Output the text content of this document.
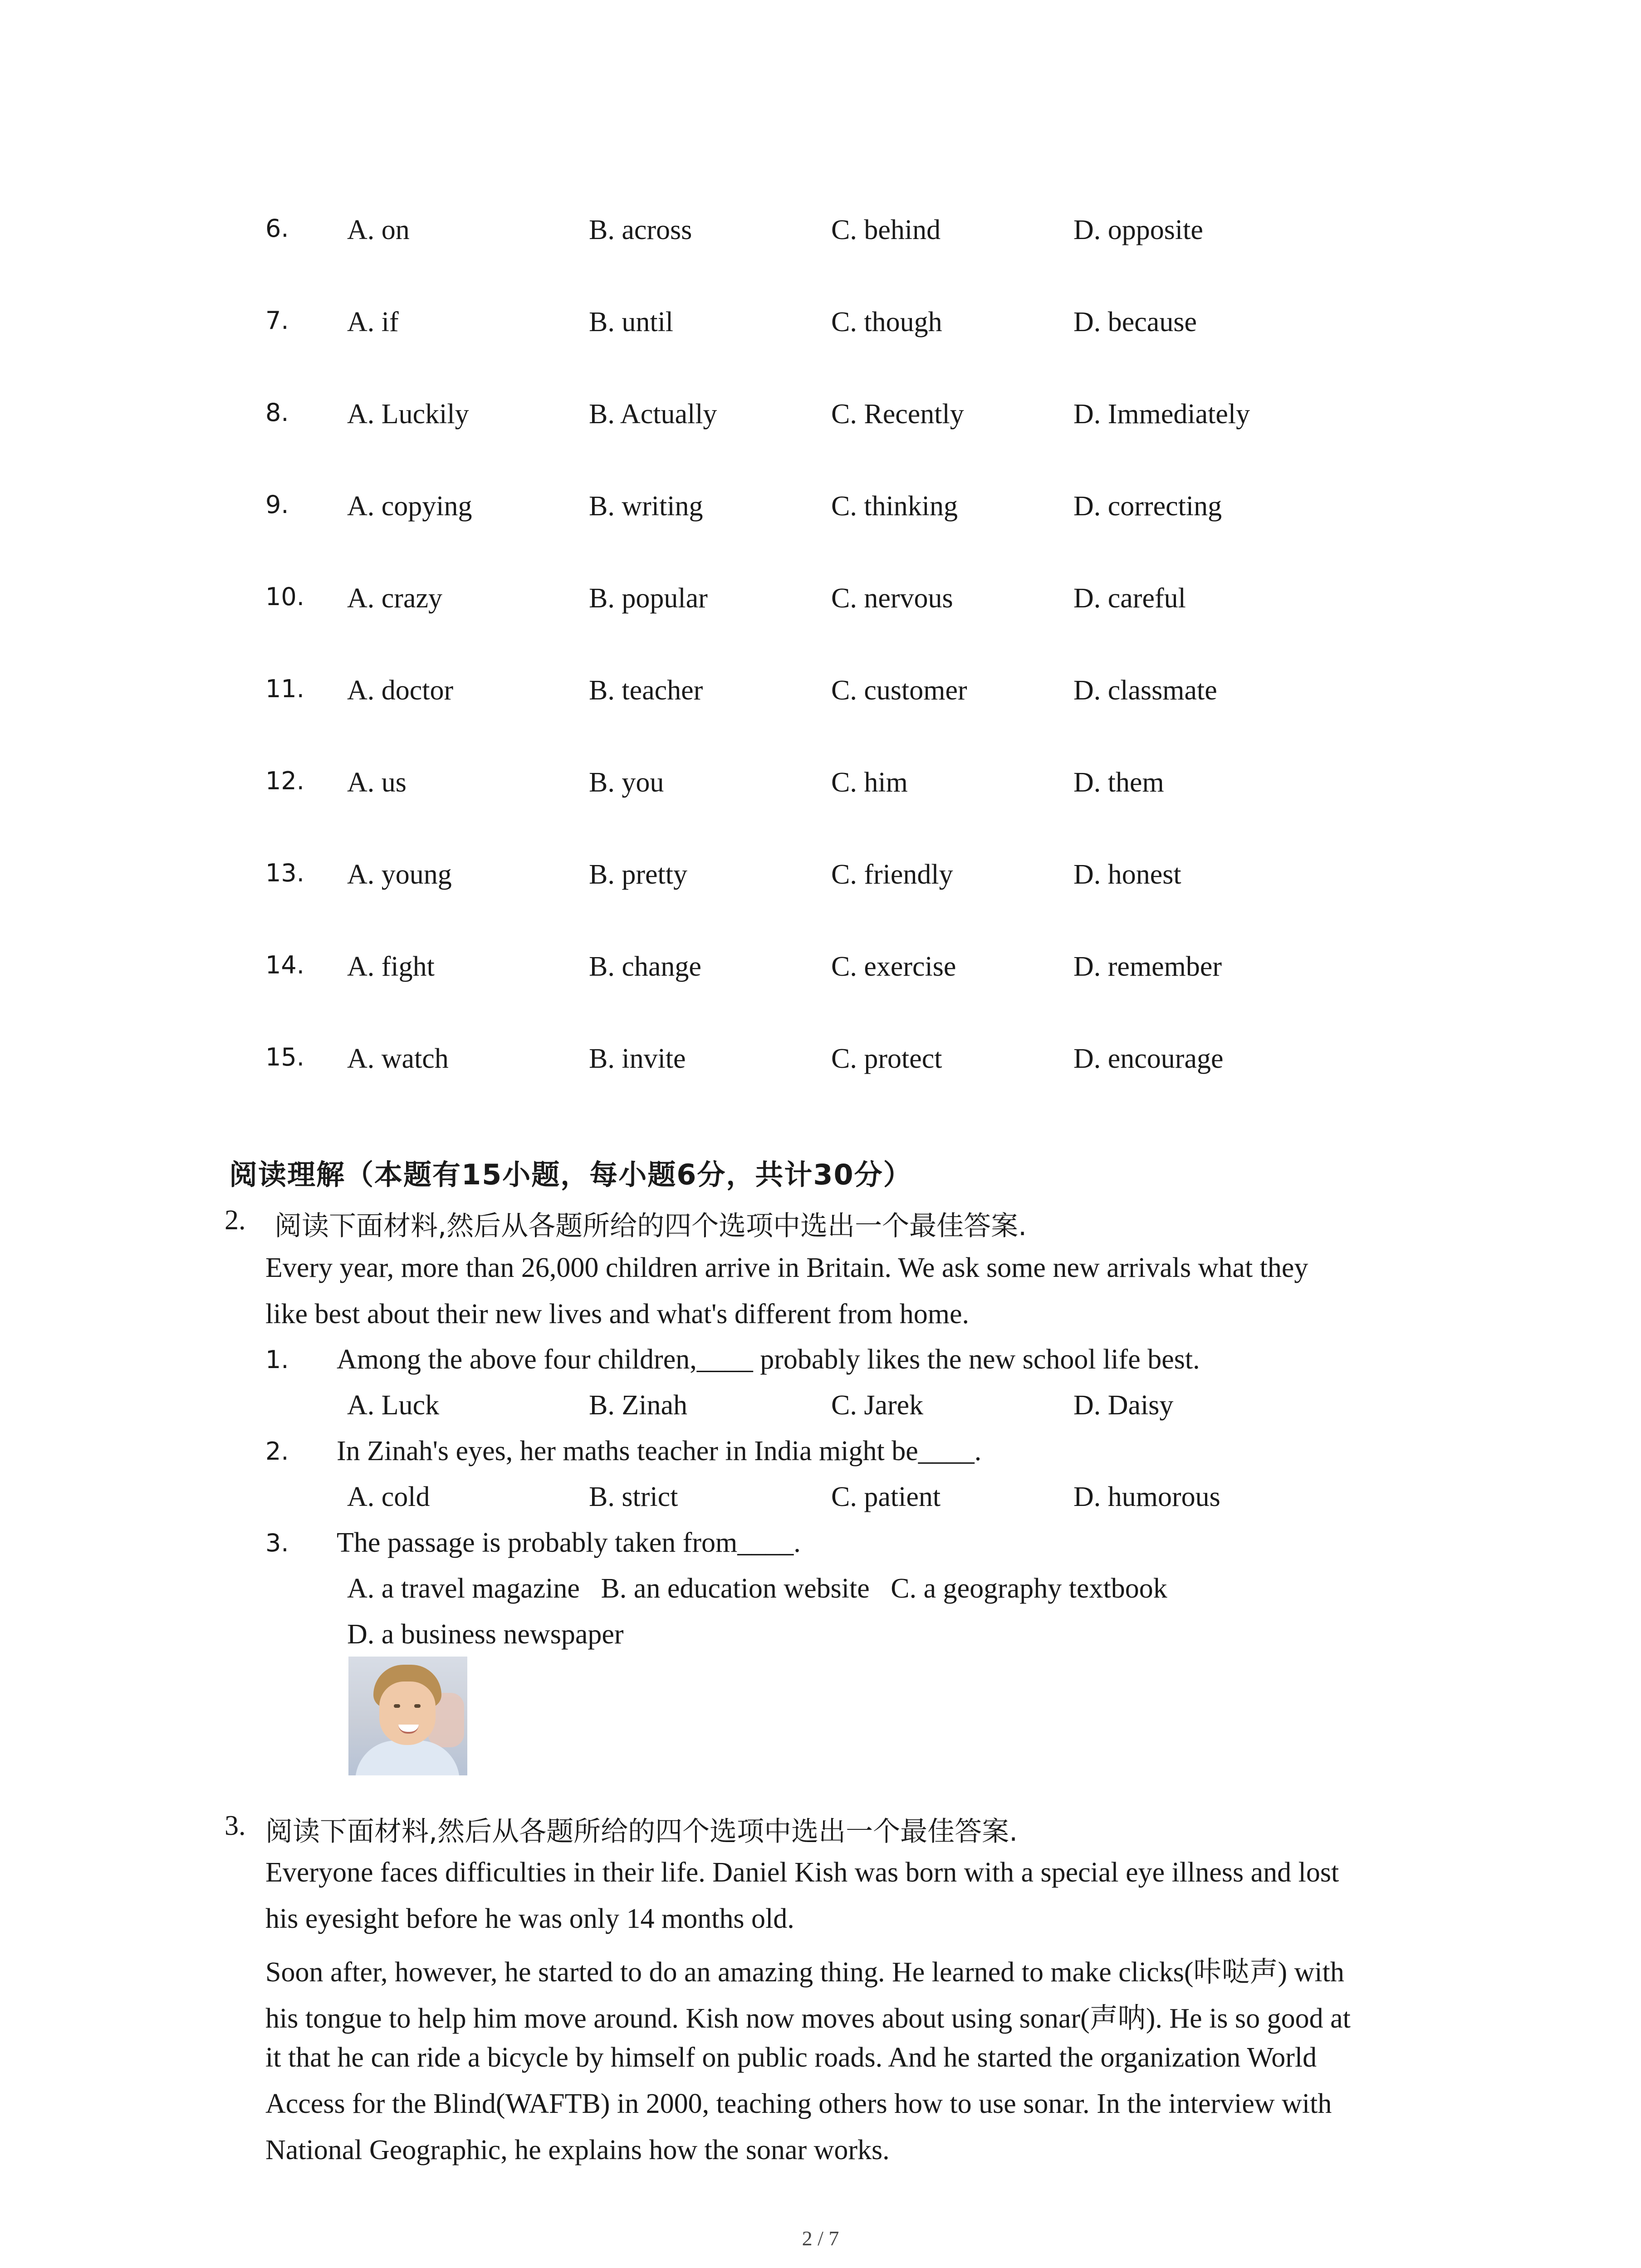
6. A. on	B. across	C. behind	D. opposite
7. A. if	B. until	C. though	D. because
8. A. Luckily	B. Actually	C. Recently	D. Immediately
9. A. copying	B. writing	C. thinking	D. correcting
10. A. crazy	B. popular	C. nervous	D. careful
11. A. doctor	B. teacher	C. customer	D. classmate
12. A. us	B. you	C. him	D. them
13. A. young	B. pretty	C. friendly	D. honest
14. A. fight	B. change	C. exercise	D. remember
15. A. watch	B. invite	C. protect	D. encourage
阅读理解（本题有15小题，每小题6分，共计30分）
2. 阅读下面材料,然后从各题所给的四个选项中选出一个最佳答案.
Every year, more than 26,000 children arrive in Britain. We ask some new arrivals what they
like best about their new lives and what's different from home.
1. Among the above four children,____ probably likes the new school life best.
A. Luck	B. Zinah	C. Jarek	D. Daisy
2. In Zinah's eyes, her maths teacher in India might be____.
A. cold	B. strict	C. patient	D. humorous
3. The passage is probably taken from____.
A. a travel magazine   B. an education website   C. a geography textbook
D. a business newspaper
3. 阅读下面材料,然后从各题所给的四个选项中选出一个最佳答案.
Everyone faces difficulties in their life. Daniel Kish was born with a special eye illness and lost
his eyesight before he was only 14 months old.
Soon after, however, he started to do an amazing thing. He learned to make clicks(咔哒声) with
his tongue to help him move around. Kish now moves about using sonar(声呐). He is so good at
it that he can ride a bicycle by himself on public roads. And he started the organization World
Access for the Blind(WAFTB) in 2000, teaching others how to use sonar. In the interview with
National Geographic, he explains how the sonar works.
2 / 7
